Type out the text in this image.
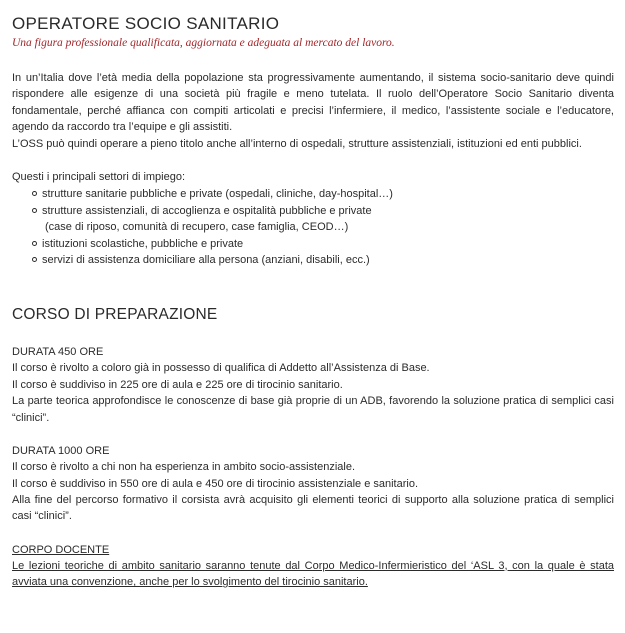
OPERATORE SOCIO SANITARIO

Una figura professionale qualificata, aggiornata e adeguata al mercato del lavoro.

In un’Italia dove l’età media della popolazione sta progressivamente aumentando, il sistema socio-sanitario deve quindi rispondere alle esigenze di una società più fragile e meno tutelata. Il ruolo dell’Operatore Socio Sanitario diventa fondamentale, perché affianca con compiti articolati e precisi l’infermiere, il medico, l’assistente sociale e l’educatore, agendo da raccordo tra l’equipe e gli assistiti.

L’OSS può quindi operare a pieno titolo anche all’interno di ospedali, strutture assistenziali, istituzioni ed enti pubblici.

Questi i principali settori di impiego:

strutture sanitarie pubbliche e private (ospedali, cliniche, day-hospital…)
strutture assistenziali, di accoglienza e ospitalità pubbliche e private
(case di riposo, comunità di recupero, case famiglia, CEOD…)
istituzioni scolastiche, pubbliche e private
servizi di assistenza domiciliare alla persona (anziani, disabili, ecc.)
CORSO DI PREPARAZIONE
DURATA 450 ORE

Il corso è rivolto a coloro già in possesso di qualifica di Addetto all’Assistenza di Base.

Il corso è suddiviso in 225 ore di aula e 225 ore di tirocinio sanitario.

La parte teorica approfondisce le conoscenze di base già proprie di un ADB, favorendo la soluzione pratica di semplici casi “clinici”.

DURATA 1000 ORE

Il corso è rivolto a chi non ha esperienza in ambito socio-assistenziale.

Il corso è suddiviso in 550 ore di aula e 450 ore di tirocinio assistenziale e sanitario.

Alla fine del percorso formativo il corsista avrà acquisito gli elementi teorici di supporto alla soluzione pratica di semplici casi “clinici”.

CORPO DOCENTE

Le lezioni teoriche di ambito sanitario saranno tenute dal Corpo Medico-Infermieristico del ‘ASL 3, con la quale è stata avviata una convenzione, anche per lo svolgimento del tirocinio sanitario.
